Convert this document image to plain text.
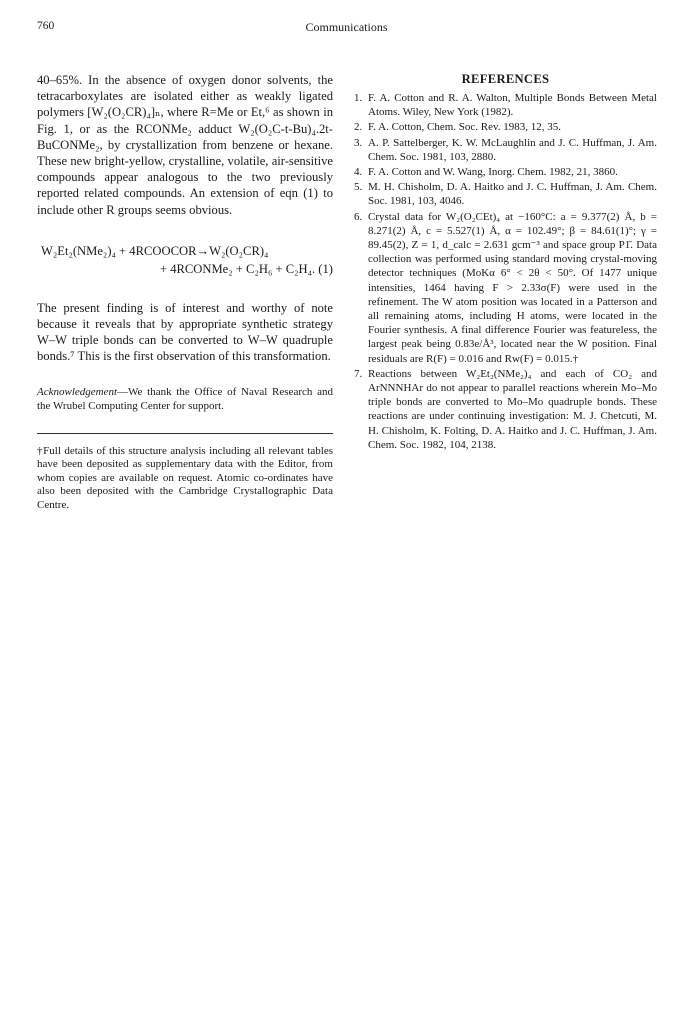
760	Communications

40–65%. In the absence of oxygen donor solvents, the tetracarboxylates are isolated either as weakly ligated polymers [W₂(O₂CR)₄]ₙ, where R=Me or Et,⁶ as shown in Fig. 1, or as the RCONMe₂ adduct W₂(O₂C-t-Bu)₄.2t-BuCONMe₂, by crystallization from benzene or hexane. These new bright-yellow, crystalline, volatile, air-sensitive compounds appear analogous to the two previously reported related compounds. An extension of eqn (1) to include other R groups seems obvious.

W₂Et₂(NMe₂)₄ + 4RCOOCOR→W₂(O₂CR)₄
+ 4RCONMe₂ + C₂H₆ + C₂H₄. (1)

The present finding is of interest and worthy of note because it reveals that by appropriate synthetic strategy W–W triple bonds can be converted to W–W quadruple bonds.⁷ This is the first observation of this transformation.

Acknowledgement—We thank the Office of Naval Research and the Wrubel Computing Center for support.

†Full details of this structure analysis including all relevant tables have been deposited as supplementary data with the Editor, from whom copies are available on request. Atomic co-ordinates have also been deposited with the Cambridge Crystallographic Data Centre.

REFERENCES
1. F. A. Cotton and R. A. Walton, Multiple Bonds Between Metal Atoms. Wiley, New York (1982).
2. F. A. Cotton, Chem. Soc. Rev. 1983, 12, 35.
3. A. P. Sattelberger, K. W. McLaughlin and J. C. Huffman, J. Am. Chem. Soc. 1981, 103, 2880.
4. F. A. Cotton and W. Wang, Inorg. Chem. 1982, 21, 3860.
5. M. H. Chisholm, D. A. Haitko and J. C. Huffman, J. Am. Chem. Soc. 1981, 103, 4046.
6. Crystal data for W₂(O₂CEt)₄ at −160°C: a = 9.377(2) Å, b = 8.271(2) Å, c = 5.527(1) Å, α = 102.49°; β = 84.61(1)°; γ = 89.45(2), Z = 1, d_calc = 2.631 gcm⁻³ and space group P1̄. Data collection was performed using standard moving crystal-moving detector techniques (MoKα 6° < 2θ < 50°. Of 1477 unique intensities, 1464 having F > 2.33σ(F) were used in the refinement. The W atom position was located in a Patterson and all remaining atoms, including H atoms, were located in the Fourier synthesis. A final difference Fourier was featureless, the largest peak being 0.83e/Å³, located near the W position. Final residuals are R(F) = 0.016 and Rw(F) = 0.015.†
7. Reactions between W₂Et₂(NMe₂)₄ and each of CO₂ and ArNNNHAr do not appear to parallel reactions wherein Mo–Mo triple bonds are converted to Mo–Mo quadruple bonds. These reactions are under continuing investigation: M. J. Chetcuti, M. H. Chisholm, K. Folting, D. A. Haitko and J. C. Huffman, J. Am. Chem. Soc. 1982, 104, 2138.
